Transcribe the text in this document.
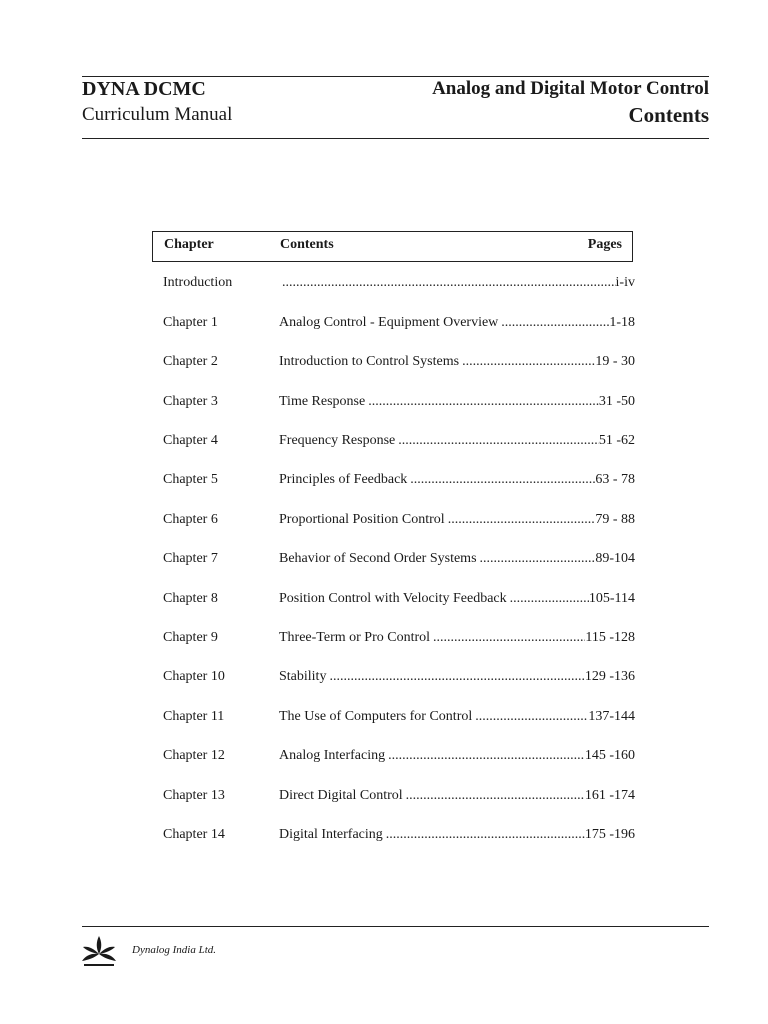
DYNA DCMC
Curriculum Manual
Analog and Digital Motor Control
Contents
Chapter	Contents	Pages
Introduction .....	i-iv
Chapter 1	Analog Control - Equipment Overview .....	1-18
Chapter 2	Introduction to Control Systems .....	19 - 30
Chapter 3	Time Response .....	31 -50
Chapter 4	Frequency Response .....	51 -62
Chapter 5	Principles of Feedback .....	63 - 78
Chapter 6	Proportional Position Control .....	79 - 88
Chapter 7	Behavior of Second Order Systems .....	89-104
Chapter 8	Position Control with Velocity Feedback .....	105-114
Chapter 9	Three-Term or Pro Control .....	115 -128
Chapter 10	Stability .....	129 -136
Chapter 11	The Use of Computers for Control .....	137-144
Chapter 12	Analog Interfacing .....	145 -160
Chapter 13	Direct Digital Control .....	161 -174
Chapter 14	Digital Interfacing .....	175 -196
Dynalog India Ltd.
